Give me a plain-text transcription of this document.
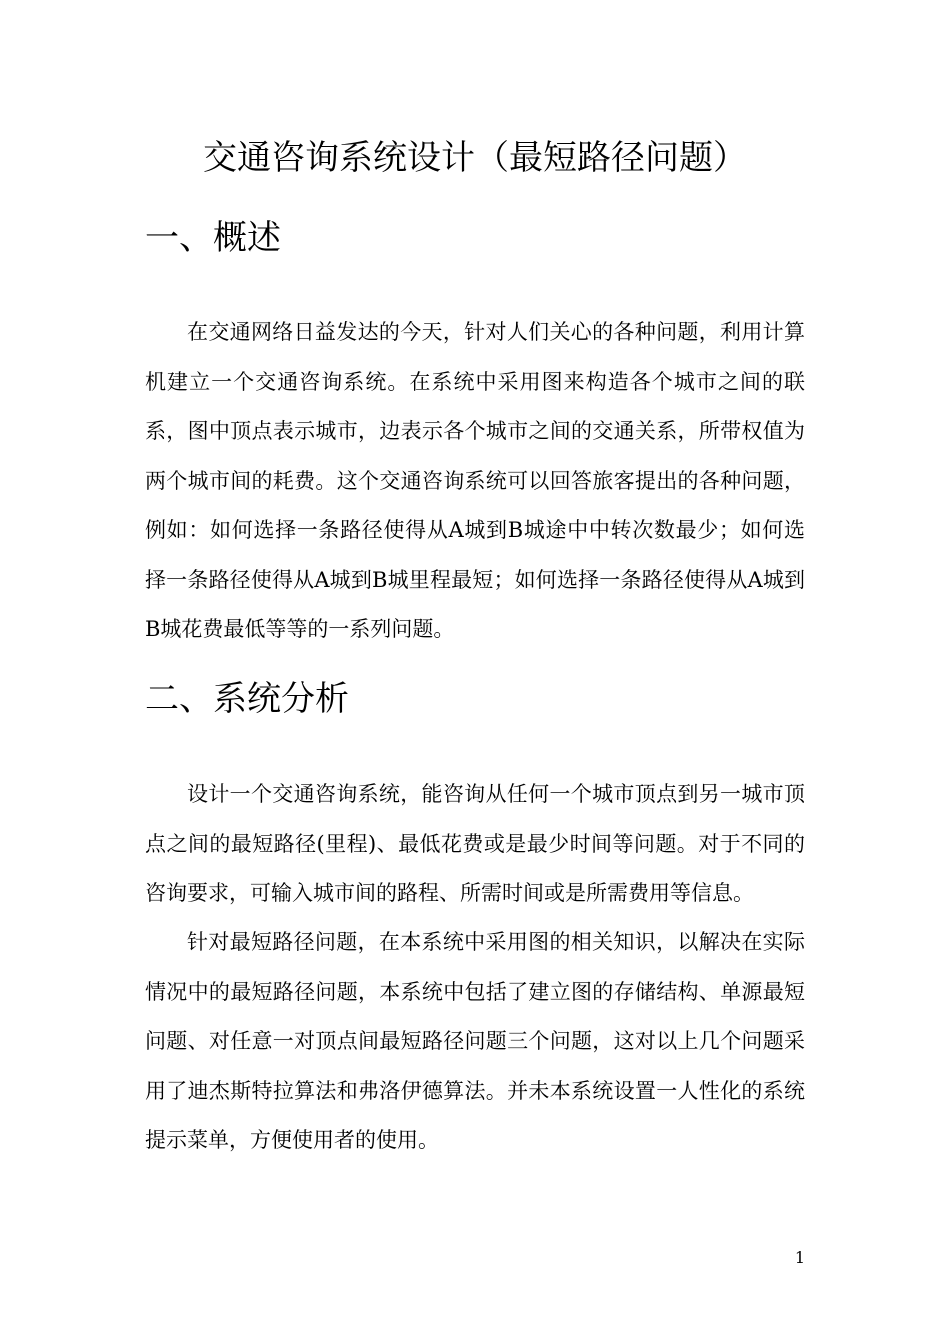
交通咨询系统设计（最短路径问题）
一、概述

在交通网络日益发达的今天，针对人们关心的各种问题，利用计算机建立一个交通咨询系统。在系统中采用图来构造各个城市之间的联系，图中顶点表示城市，边表示各个城市之间的交通关系，所带权值为两个城市间的耗费。这个交通咨询系统可以回答旅客提出的各种问题，例如：如何选择一条路径使得从A城到B城途中中转次数最少；如何选择一条路径使得从A城到B城里程最短；如何选择一条路径使得从A城到B城花费最低等等的一系列问题。

二、系统分析

设计一个交通咨询系统，能咨询从任何一个城市顶点到另一城市顶点之间的最短路径(里程)、最低花费或是最少时间等问题。对于不同的咨询要求，可输入城市间的路程、所需时间或是所需费用等信息。

针对最短路径问题，在本系统中采用图的相关知识，以解决在实际情况中的最短路径问题，本系统中包括了建立图的存储结构、单源最短问题、对任意一对顶点间最短路径问题三个问题，这对以上几个问题采用了迪杰斯特拉算法和弗洛伊德算法。并未本系统设置一人性化的系统提示菜单，方便使用者的使用。

1
